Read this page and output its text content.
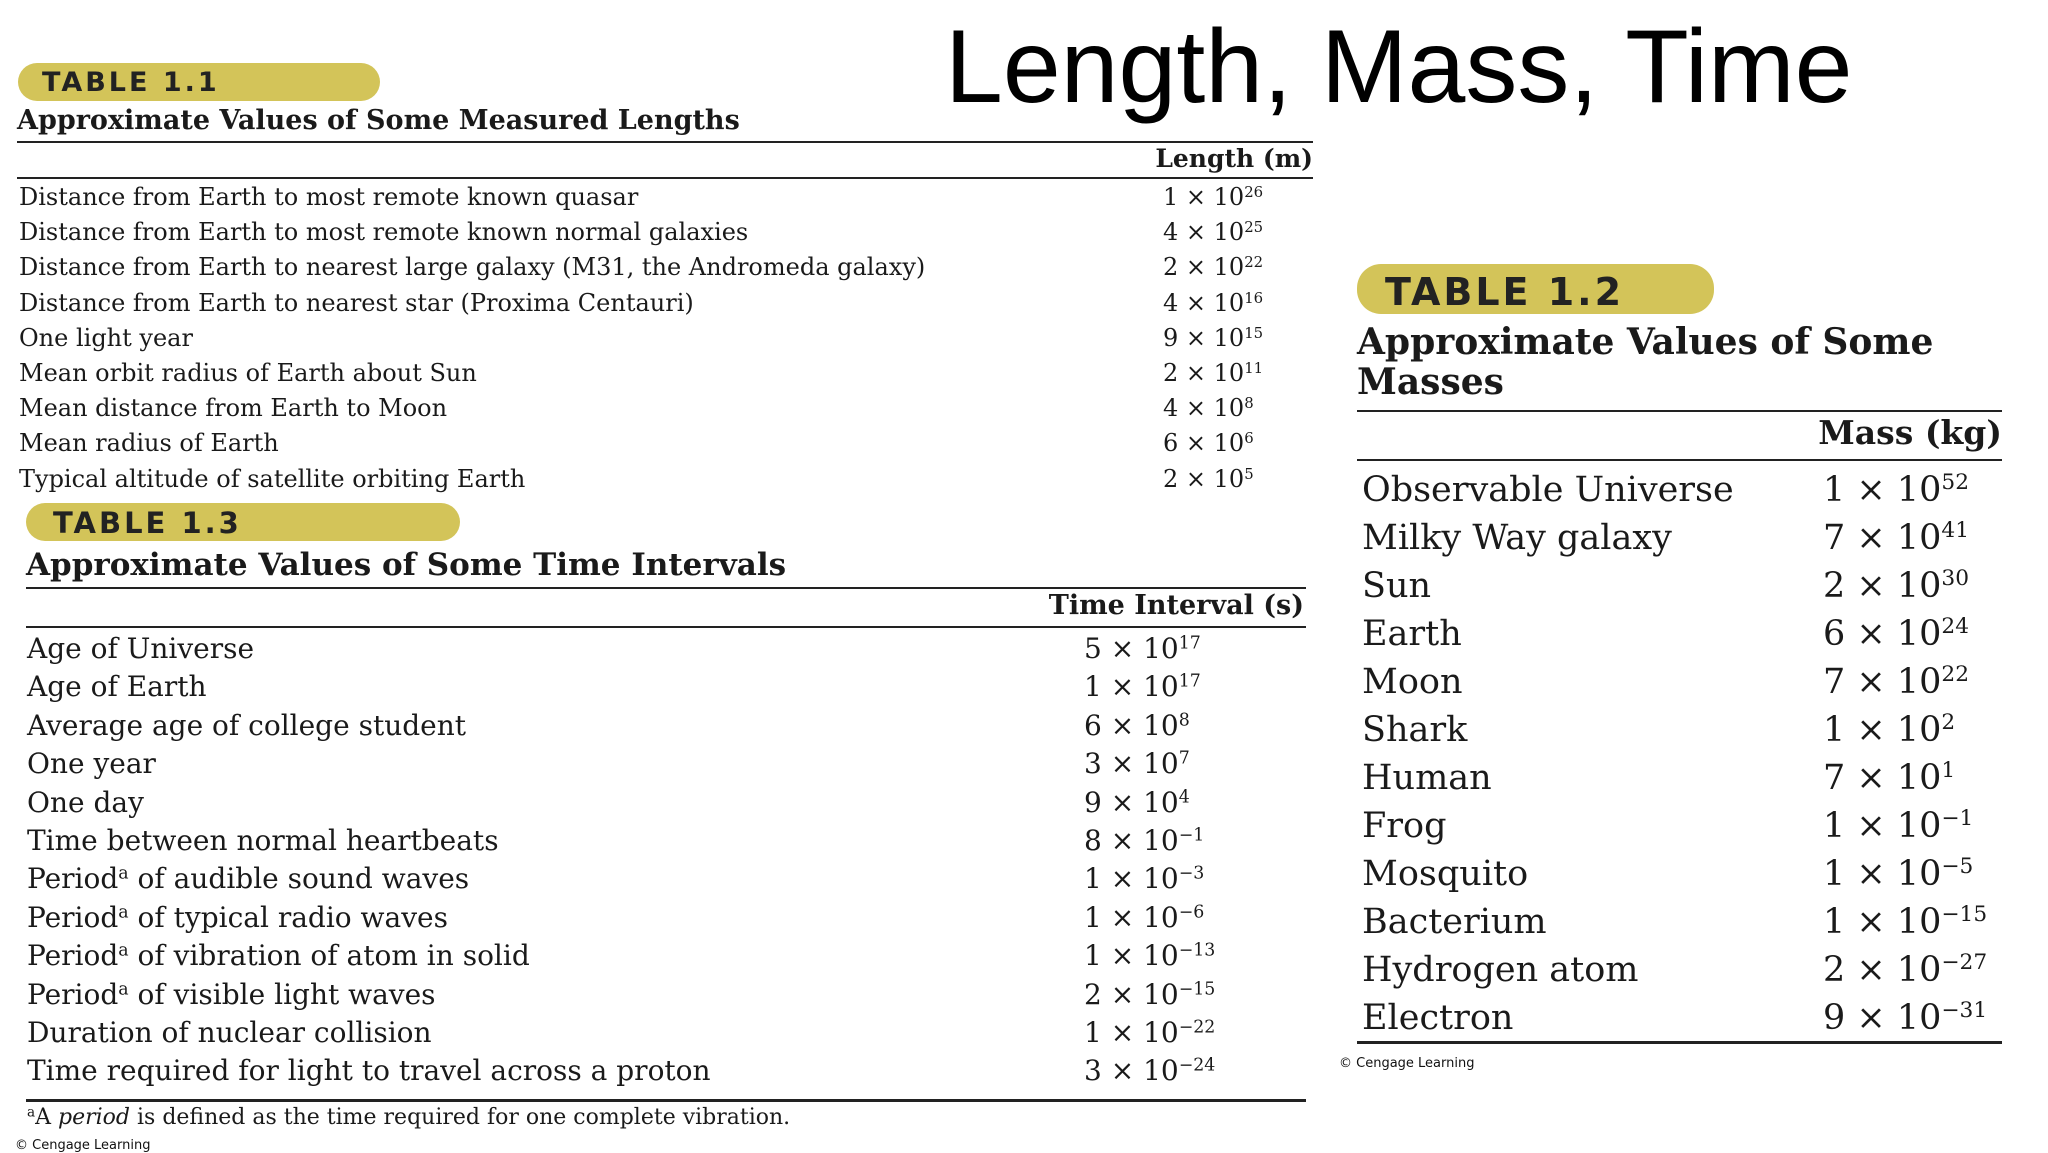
Length, Mass, Time
TABLE 1.1
Approximate Values of Some Measured Lengths
Length (m)
Distance from Earth to most remote known quasar	$1 \times 10^{26}$
Distance from Earth to most remote known normal galaxies	$4 \times 10^{25}$
Distance from Earth to nearest large galaxy (M31, the Andromeda galaxy)	$2 \times 10^{22}$
Distance from Earth to nearest star (Proxima Centauri)	$4 \times 10^{16}$
One light year	$9 \times 10^{15}$
Mean orbit radius of Earth about Sun	$2 \times 10^{11}$
Mean distance from Earth to Moon	$4 \times 10^8$
Mean radius of Earth	$6 \times 10^6$
Typical altitude of satellite orbiting Earth	$2 \times 10^5$
TABLE 1.3
Approximate Values of Some Time Intervals
Time Interval (s)
Age of Universe	$5 \times 10^{17}$
Age of Earth	$1 \times 10^{17}$
Average age of college student	$6 \times 10^8$
One year	$3 \times 10^7$
One day	$9 \times 10^4$
Time between normal heartbeats	$8 \times 10^{-1}$
Period$^a$ of audible sound waves	$1 \times 10^{-3}$
Period$^a$ of typical radio waves	$1 \times 10^{-6}$
Period$^a$ of vibration of atom in solid	$1 \times 10^{-13}$
Period$^a$ of visible light waves	$2 \times 10^{-15}$
Duration of nuclear collision	$1 \times 10^{-22}$
Time required for light to travel across a proton	$3 \times 10^{-24}$
$^a$A period is defined as the time required for one complete vibration.
© Cengage Learning
TABLE 1.2
Approximate Values of Some
Masses
Mass (kg)
Observable Universe	$1 \times 10^{52}$
Milky Way galaxy	$7 \times 10^{41}$
Sun	$2 \times 10^{30}$
Earth	$6 \times 10^{24}$
Moon	$7 \times 10^{22}$
Shark	$1 \times 10^2$
Human	$7 \times 10^1$
Frog	$1 \times 10^{-1}$
Mosquito	$1 \times 10^{-5}$
Bacterium	$1 \times 10^{-15}$
Hydrogen atom	$2 \times 10^{-27}$
Electron	$9 \times 10^{-31}$
© Cengage Learning
